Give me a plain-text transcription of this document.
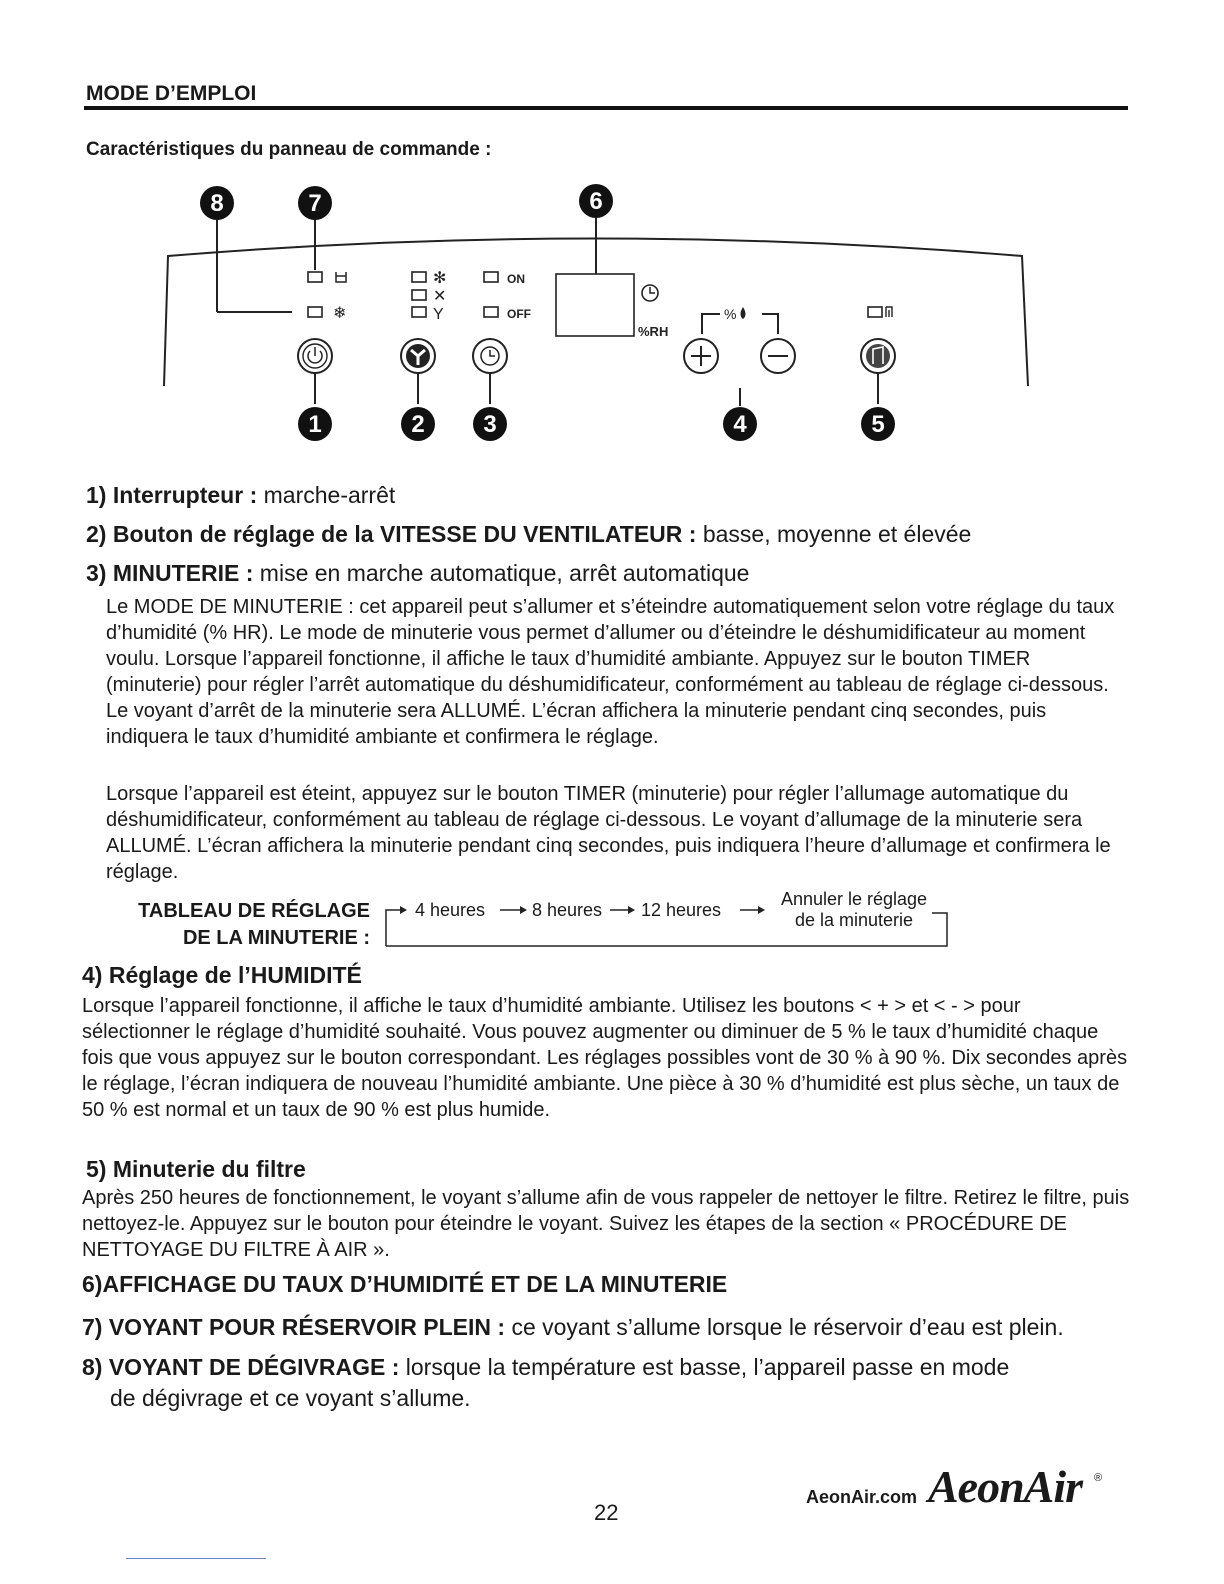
MODE D’EMPLOI
Caractéristiques du panneau de commande :
❄
✻
✕
Y
ON
OFF
%RH
%
8	7	6
1	2 3	4	5
1) Interrupteur : marche-arrêt
2) Bouton de réglage de la VITESSE DU VENTILATEUR : basse, moyenne et élevée
3) MINUTERIE : mise en marche automatique, arrêt automatique
Le MODE DE MINUTERIE : cet appareil peut s’allumer et s’éteindre automatiquement selon votre réglage du taux d’humidité (% HR). Le mode de minuterie vous permet d’allumer ou d’éteindre le déshumidificateur au moment voulu. Lorsque l’appareil fonctionne, il affiche le taux d’humidité ambiante. Appuyez sur le bouton TIMER (minuterie) pour régler l’arrêt automatique du déshumidificateur, conformément au tableau de réglage ci-dessous. Le voyant d’arrêt de la minuterie sera ALLUMÉ. L’écran affichera la minuterie pendant cinq secondes, puis indiquera le taux d’humidité ambiante et confirmera le réglage.
Lorsque l’appareil est éteint, appuyez sur le bouton TIMER (minuterie) pour régler l’allumage automatique du déshumidificateur, conformément au tableau de réglage ci-dessous. Le voyant d’allumage de la minuterie sera ALLUMÉ. L’écran affichera la minuterie pendant cinq secondes, puis indiquera l’heure d’allumage et confirmera le réglage.
TABLEAU DE RÉGLAGE
DE LA MINUTERIE :
4 heures	8 heures 12 heures
Annuler le réglage
de la minuterie
4) Réglage de l’HUMIDITÉ
Lorsque l’appareil fonctionne, il affiche le taux d’humidité ambiante. Utilisez les boutons < + > et < - > pour sélectionner le réglage d’humidité souhaité. Vous pouvez augmenter ou diminuer de 5 % le taux d’humidité chaque fois que vous appuyez sur le bouton correspondant. Les réglages possibles vont de 30 % à 90 %. Dix secondes après le réglage, l’écran indiquera de nouveau l’humidité ambiante. Une pièce à 30 % d’humidité est plus sèche, un taux de 50 % est normal et un taux de 90 % est plus humide.
5) Minuterie du filtre
Après 250 heures de fonctionnement, le voyant s’allume afin de vous rappeler de nettoyer le filtre. Retirez le filtre, puis nettoyez-le. Appuyez sur le bouton pour éteindre le voyant. Suivez les étapes de la section « PROCÉDURE DE NETTOYAGE DU FILTRE À AIR ».
6)AFFICHAGE DU TAUX D’HUMIDITÉ ET DE LA MINUTERIE
7) VOYANT POUR RÉSERVOIR PLEIN : ce voyant s’allume lorsque le réservoir d’eau est plein.
8) VOYANT DE DÉGIVRAGE : lorsque la température est basse, l’appareil passe en mode
de dégivrage et ce voyant s’allume.
AeonAir.com AeonAir ®
22
